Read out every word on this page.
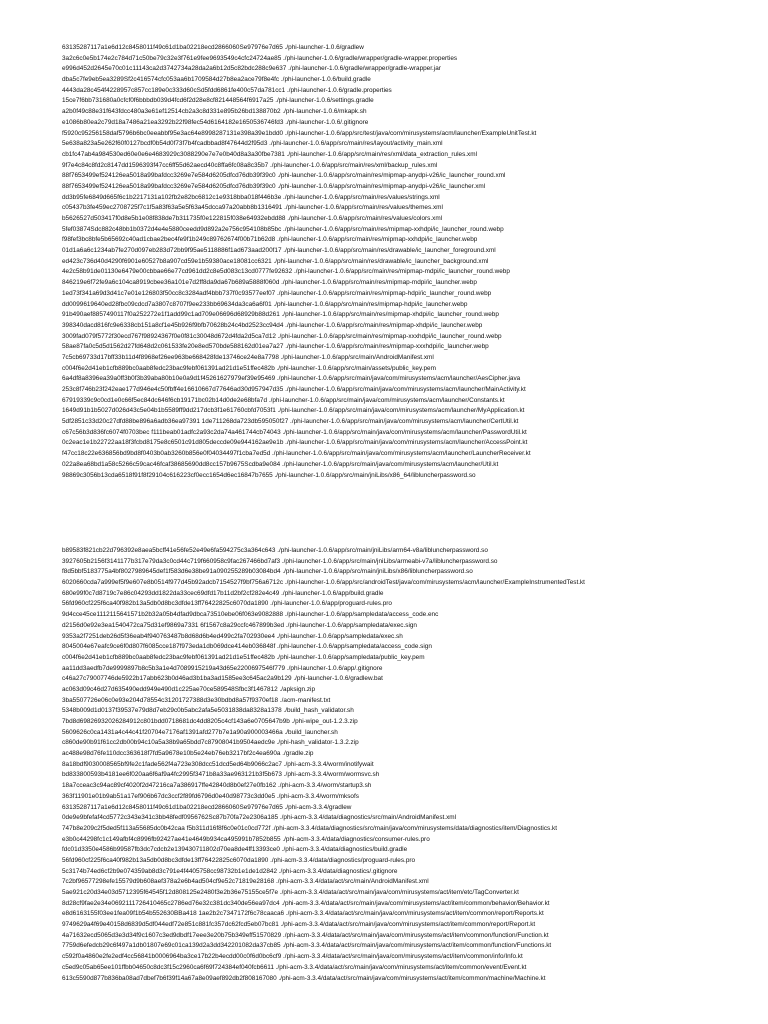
63135287117a1e6d12c8458011f49c61d1ba02218ecd2866060Se97976e7d65 ./phi-launcher-1.0.6/gradlew
3a2c6c0e5b174e2c784d71c50be79c32e3f761e9fee9693549c4cfc24724ae85 ./phi-launcher-1.0.6/gradle/wrapper/gradle-wrapper.properties
e996d452d2645e70c01c11143ca2d3742734a28da2a6b12d5c82bdc288c9e637 ./phi-launcher-1.0.6/gradle/wrapper/gradle-wrapper.jar
dba5c7fe9eb5ea3289Sf2c416574cfc053aa6b1709584d27b8ea2ace79f8e4fc ./phi-launcher-1.0.6/build.gradle
4443da28c454f4228957c857cc189e0c333d60cSd5fdd6861fe400c57da781cc1 ./phi-launcher-1.0.6/gradle.properties
15ce7f6bb731680a0cfcf0f6bbbdb039d4fcd6f2d28e8cf821448564f6917a25 ./phi-launcher-1.0.6/settings.gradle
a2b0f49c88e31f643fdcc480a3e61ef12514cb2a3c8d331e895b26bd138870b2 ./phi-launcher-1.0.6/mkapk.sh
e1086b80ea2c79d18a7486a21ea3292b22f98fec54d6164182e1650536746fd3 ./phi-launcher-1.0.6/.gitignore
f5920c95256158daf5796b6bc0eeabbf95e3ac64e8998287131e398a39e1bdd0 ./phi-launcher-1.0.6/app/src/test/java/com/mirusystems/acm/launcher/ExampleUnitTest.kt
5e638a823a5e262f60f0127bcdf0b54d0f73f7b4fcadbbad8f47644d2f95d3 ./phi-launcher-1.0.6/app/src/main/res/layout/activity_main.xml
cb1fc47ab4a984530ed60e0e6e4683929c3088290e7e7e0b40d8a3a30fbe7381 ./phi-launcher-1.0.6/app/src/main/res/xml/data_extraction_rules.xml
9f7e4c84c8fd2c8147dd1596393f47cc6ff55d62aecd40c8ffa6fc08a8c35b7 ./phi-launcher-1.0.6/app/src/main/res/xml/backup_rules.xml
88f7653499ef524126ea5018a99bafdcc3269e7e584d6205dfcd76db39f39c0 ./phi-launcher-1.0.6/app/src/main/res/mipmap-anydpi-v26/ic_launcher_round.xml
88f7653499ef524126ea5018a99bafdcc3269e7e584d6205dfcd76db39f39c0 ./phi-launcher-1.0.6/app/src/main/res/mipmap-anydpi-v26/ic_launcher.xml
dd3b95fe6849d665f6c1b2217131a102fb2e82bc6812c1e9318bba018f446b3e ./phi-launcher-1.0.6/app/src/main/res/values/strings.xml
c05437b3fe459ec2708725f7c1f5a83f63a5e5f63a45dcca97a20abb8b1316491 ./phi-launcher-1.0.6/app/src/main/res/values/themes.xml
b5626527d503417f0d8e5b1e08f838de7b311735f0e122815f038e64932ebdd88 ./phi-launcher-1.0.6/app/src/main/res/values/colors.xml
5fef03874Sdc882c48bb1b0372d4e4e5880ceedd9d892a2e756c954108b85bc ./phi-launcher-1.0.6/app/src/main/res/mipmap-xxhdpi/ic_launcher_round.webp
f98fef3bc8bfe5b65692c40ad1cbae2bec4fe9f1b249c89762674f00b71b62d8 ./phi-launcher-1.0.6/app/src/main/res/mipmap-xxhdpi/ic_launcher.webp
01d1a6a6c1234ab7fe270d097eb283d72bb9f95ae5118886f1ad673aad200f17 ./phi-launcher-1.0.6/app/src/main/res/drawable/ic_launcher_foreground.xml
ed423c736d40d4290f6901e60527b8a907cd59e1b59380ace18081cc6321 ./phi-launcher-1.0.6/app/src/main/res/drawable/ic_launcher_background.xml
4e2c58b91de01130e6479e00cbbae66e77cd961dd2c8e5d083c13cd0777fe92632 ./phi-launcher-1.0.6/app/src/main/res/mipmap-mdpi/ic_launcher_round.webp
846219e6f72fe9a6c104ca8919cbee36a101e7d2ff8da9da67b689a5888f060d ./phi-launcher-1.0.6/app/src/main/res/mipmap-mdpi/ic_launcher.webp
1ed73f341a69d3d41c7e01e126803f50cc8c3284adf4bbb737f0c93577eef07 ./phi-launcher-1.0.6/app/src/main/res/mipmap-hdpi/ic_launcher_round.webp
dd0099619640ed28fbc09cdcd7a3807c8707f9ee233bb69634da3ca6a6f01 ./phi-launcher-1.0.6/app/src/main/res/mipmap-hdpi/ic_launcher.webp
91b490aef8857490117f0a252272e1f1add99c1ad709e06696d68929b88d261 ./phi-launcher-1.0.6/app/src/main/res/mipmap-xhdpi/ic_launcher_round.webp
398340dacd816fc9e6338cb151a8cf1e45b926f9bfb70628b24c4bd2523cc94d4 ./phi-launcher-1.0.6/app/src/main/res/mipmap-xhdpi/ic_launcher.webp
3009fad079f5772f30ecd767f98924367f0e0f81c30048d672d4fda2d5ca7d12 ./phi-launcher-1.0.6/app/src/main/res/mipmap-xxxhdpi/ic_launcher_round.webp
58ae87fa0c5d5d1562d27fd648d2c061533fe20e8ed570bde588162d01ea7a27 ./phi-launcher-1.0.6/app/src/main/res/mipmap-xxxhdpi/ic_launcher.webp
7c5cb69733d17bff33b11d4f8968ef26ee963be668428fde13746ce24e8a7798 ./phi-launcher-1.0.6/app/src/main/AndroidManifest.xml
c004f6e2d41eb1cfb889bc0aab8fedc23bac9febf061391ad21d1e51ffec482b ./phi-launcher-1.0.6/app/src/main/assets/public_key.pem
6a4df8a8396ea39a0ff3b0f3b39aba80b10e0a9d1f45261627979ef39e95469 ./phi-launcher-1.0.6/app/src/main/java/com/mirusystems/acm/launcher/AesCipher.java
253c8f746b23f242eae177d946e4c50fbff4e16610667d77646ad30d957947d35 ./phi-launcher-1.0.6/app/src/main/java/com/mirusystems/acm/launcher/MainActivity.kt
67919339c9c0cd1e0c66f5ec84dc646f6cb19171bc02b14d0de2e68bfa7d ./phi-launcher-1.0.6/app/src/main/java/com/mirusystems/acm/launcher/Constants.kt
1649d91b1b5027d026d43c5e04b1b5589ff9dd217dcb3f1e61760cbfd7053f1 ./phi-launcher-1.0.6/app/src/main/java/com/mirusystems/acm/launcher/MyApplication.kt
5df2851c33d20c27dfd88be896a6adb36ea97391 1de711268da723db595050f27 ./phi-launcher-1.0.6/app/src/main/java/com/mirusystems/acm/launcher/CertUtil.kt
c67c56b3d836fc6074f0703bec f111beab01adfc2a93c2da74a461744cb74043 ./phi-launcher-1.0.6/app/src/main/java/com/mirusystems/acm/launcher/PasswordUtil.kt
0c2eac1e1b22722aa18f3fcbd8175e8c6501c91d805deccde09e944162ae9e1b ./phi-launcher-1.0.6/app/src/main/java/com/mirusystems/acm/launcher/AccessPoint.kt
f47cc18c22e636856bd9bd8f0403b0ab3260b856e0f04034497f1cba7ed5d ./phi-launcher-1.0.6/app/src/main/java/com/mirusystems/acm/launcher/LauncherReceiver.kt
022a8ea68bd1a58c5266c59cac46fcaf38685690dd8cc157b9675Scdba9e084 ./phi-launcher-1.0.6/app/src/main/java/com/mirusystems/acm/launcher/Util.kt
98869c3056b13cda6518f91f8f29104c616223cf0ecc1654d6ec16847b7655 ./phi-launcher-1.0.6/app/src/main/jniLibs/x86_64/libluncherpassword.so
b89583f821cb22d796392e8aea5bcff41e56fe52e49e6fa594275c3a364c643 ./phi-launcher-1.0.6/app/src/main/jniLibs/arm64-v8a/libluncherpassword.so
3927605b2156f3141177b317e79da3c0cd44c719f660958c9fac267466bd7af3 ./phi-launcher-1.0.6/app/src/main/jniLibs/armeabi-v7a/libluncherpassword.so
f8d5bbf5183775a4bf8027989645def1f583d6e38be91a090255289b03084bd4 ./phi-launcher-1.0.6/app/src/main/jniLibs/x86/libluncherpassword.so
6020660cda7a999ef5f9e607e8b0514f977d45b92adcb7154527f9bf756a6712c ./phi-launcher-1.0.6/app/src/androidTest/java/com/mirusystems/acm/launcher/ExampleInstrumentedTest.kt
680e99f0c7d8719c7e86c04293dd1822da33cec69dfd17b11d2bf2cf282e4c49 ./phi-launcher-1.0.6/app/build.gradle
56fd960cf225f6ca40f982b13a5db0d8bc3dfde13ff76422825c6070da1890 ./phi-launcher-1.0.6/app/proguard-rules.pro
9d4cce45ce1112115641571b2b32a05b4dfad9dbca73510ebe06f063e9082888 ./phi-launcher-1.0.6/app/sampledata/access_code.enc
d2156d0e92e3ea1540472ca75d31ef9869a7331 6f1567c8a29ccfc467899b3ed ./phi-launcher-1.0.6/app/sampledata/exec.sign
9353a2f7251deb26d5f36eab4f940763487b8d68d6b4ed499c2fa702930ee4 ./phi-launcher-1.0.6/app/sampledata/exec.sh
8045004e67eafc9ce6f0d807f6085cce187f973eda1db069dce414eb036848f ./phi-launcher-1.0.6/app/sampledata/access_code.sign
c004f6e2d41eb1cfb889bc0aab8fedc23bac9febf061391ad21d1e51ffec482b ./phi-launcher-1.0.6/app/sampledata/public_key.pem
aa11dd3aedfb7de9999897b8c5b3a1e4d7089915219a43d65e2200697546f779 ./phi-launcher-1.0.6/app/.gitignore
c46a27c79007746de5922b17abb623b0d46ad3b1ba3ad1585ee3c645ac2a9b129 ./phi-launcher-1.0.6/gradlew.bat
ac063d09c46d27d635490edd949e490d1c225ae70ce589548Sfbc3f1467812 ./apksign.zip
3ba5507726e06c0e93e204d78554c31201727388d3e30bdbd8a57f9370ef18 ./acm-manifest.txt
5348b009d1d0137f39537e79d8d7eb29c0b5abc2afa5e5031838da8328a1378 ./build_hash_validator.sh
7bd8d69826932026284912c801bdd0718681dc4dd8205c4cf143a6e0705647b9b ./phi-wipe_out-1.2.3.zip
5609626c0ca1431a4c44c41f20704e7176af1391afd277b7e1a90a900003466a ./build_launcher.sh
c860de90b91f61cc2db00b94c10a5a38b9a65bdd7c87908041b9504aedc9e ./phi-hash_validator-1.3.2.zip
ac488e98d76fe110dcc363618f7fd5a9678e10b5e24eb76eb3217bf2c4ea690a ./gradle.zip
8a18bdf9030008565bf9fe2c1fade562f4a723e308dcc51dcd5ed64b9066c2ac7 ./phi-acm-3.3.4/worm/inotifywait
bd833800593b4181ee6f020aa6f6af9a4fc2995f3471b8a33ae963121b3f5b673 ./phi-acm-3.3.4/worm/wormsvc.sh
18a7cceac3c94ac89cf4020f2d47216ca7a386917ffe42840d8b0ef27e0fb162 ./phi-acm-3.3.4/worm/startup3.sh
363f11901e01b9ab51a17ef906b67dc3ccf2f89fd6796d0e40d98773c3dd0e5 ./phi-acm-3.3.4/worm/mksofs
63135287117a1e6d12c8458011f49c61d1ba02218ecd2866060Se97976e7d65 ./phi-acm-3.3.4/gradlew
0de9e9bfefaf4cd5772c343e341c3bb48fedf0956762Sc87b70fa72e2306a185 ./phi-acm-3.3.4/data/diagnostics/src/main/AndroidManifest.xml
747b8e209c2f5ded5f113a55685dc0b42caa f5b311d16f8f6c0e01c0cd772f ./phi-acm-3.3.4/data/diagnostics/src/main/java/com/mirusystems/data/diagnostics/item/Diagnostics.kt
e3b0c44298fc1c149afbf4c8996fb92427ae41e4649b934ca495991b7852b855 ./phi-acm-3.3.4/data/diagnostics/consumer-rules.pro
fdc01d3350e4586b99587fb3dc7cdcb2e139430711802d70ea8de4ff13393ce0 ./phi-acm-3.3.4/data/diagnostics/build.gradle
56fd960cf225f6ca40f982b13a5db0d8bc3dfde13ff76422825c6070da1890 ./phi-acm-3.3.4/data/diagnostics/proguard-rules.pro
5c3174b74ed6cf2b9e074359ab8d3c791e4f4405758cc98732b1e1de1d2842 ./phi-acm-3.3.4/data/diagnostics/.gitignore
7c2bf96577298efe15579d9b608aef378a2e6b4ad504cf9e52c71819e28168 ./phi-acm-3.3.4/data/act/src/main/AndroidManifest.xml
5ae921c20d34e03d5712395f64545f12d808125e2480f3e2b36e75155ce5f7e ./phi-acm-3.3.4/data/act/src/main/java/com/mirusystems/act/item/etc/TagConverter.kt
8d28cf9fae2e34e0692111726410465c2786ed76e32c381dc340de56ea97dc4 ./phi-acm-3.3.4/data/act/src/main/java/com/mirusystems/act/item/common/behavior/Behavior.kt
e8d6163155f03ee1fea09f1b54b552630BBa418 1ae2b2c7347172f6c78caaca6 ./phi-acm-3.3.4/data/act/src/main/java/com/mirusystems/act/item/common/report/Reports.kt
9749629a4f69e40158d6839d5df044edf72e851c881fc357dc62fcd5eb07bc81 ./phi-acm-3.3.4/data/act/src/main/java/com/mirusystems/act/item/common/report/Report.kt
4a71632ecd5065d3e3d34f9c1607c3ed9dbdf17eee3e20b75b349eff51570829 ./phi-acm-3.3.4/data/act/src/main/java/com/mirusystems/act/item/common/function/Function.kt
7759d6efedcb29c6f497a1db01807e69c01ca139d2a3dd342201082da37cb85 ./phi-acm-3.3.4/data/act/src/main/java/com/mirusystems/act/item/common/function/Functions.kt
c592f0a4860e2fe2edf4cc56841b0006964ba3ce17b22b4ecdd00c0f6d0bc6cf9 ./phi-acm-3.3.4/data/act/src/main/java/com/mirusystems/act/item/common/info/Info.kt
c5ed9c05ab65ee101ffbb04650c8dc3f15c2960ca6f69f724384ef040fcb6611 ./phi-acm-3.3.4/data/act/src/main/java/com/mirusystems/act/item/common/event/Event.kt
613c5590d877b836ba08ad7dbef7b6f39f14a67a8e09aef892db2f808167080 ./phi-acm-3.3.4/data/act/src/main/java/com/mirusystems/act/item/common/machine/Machine.kt
